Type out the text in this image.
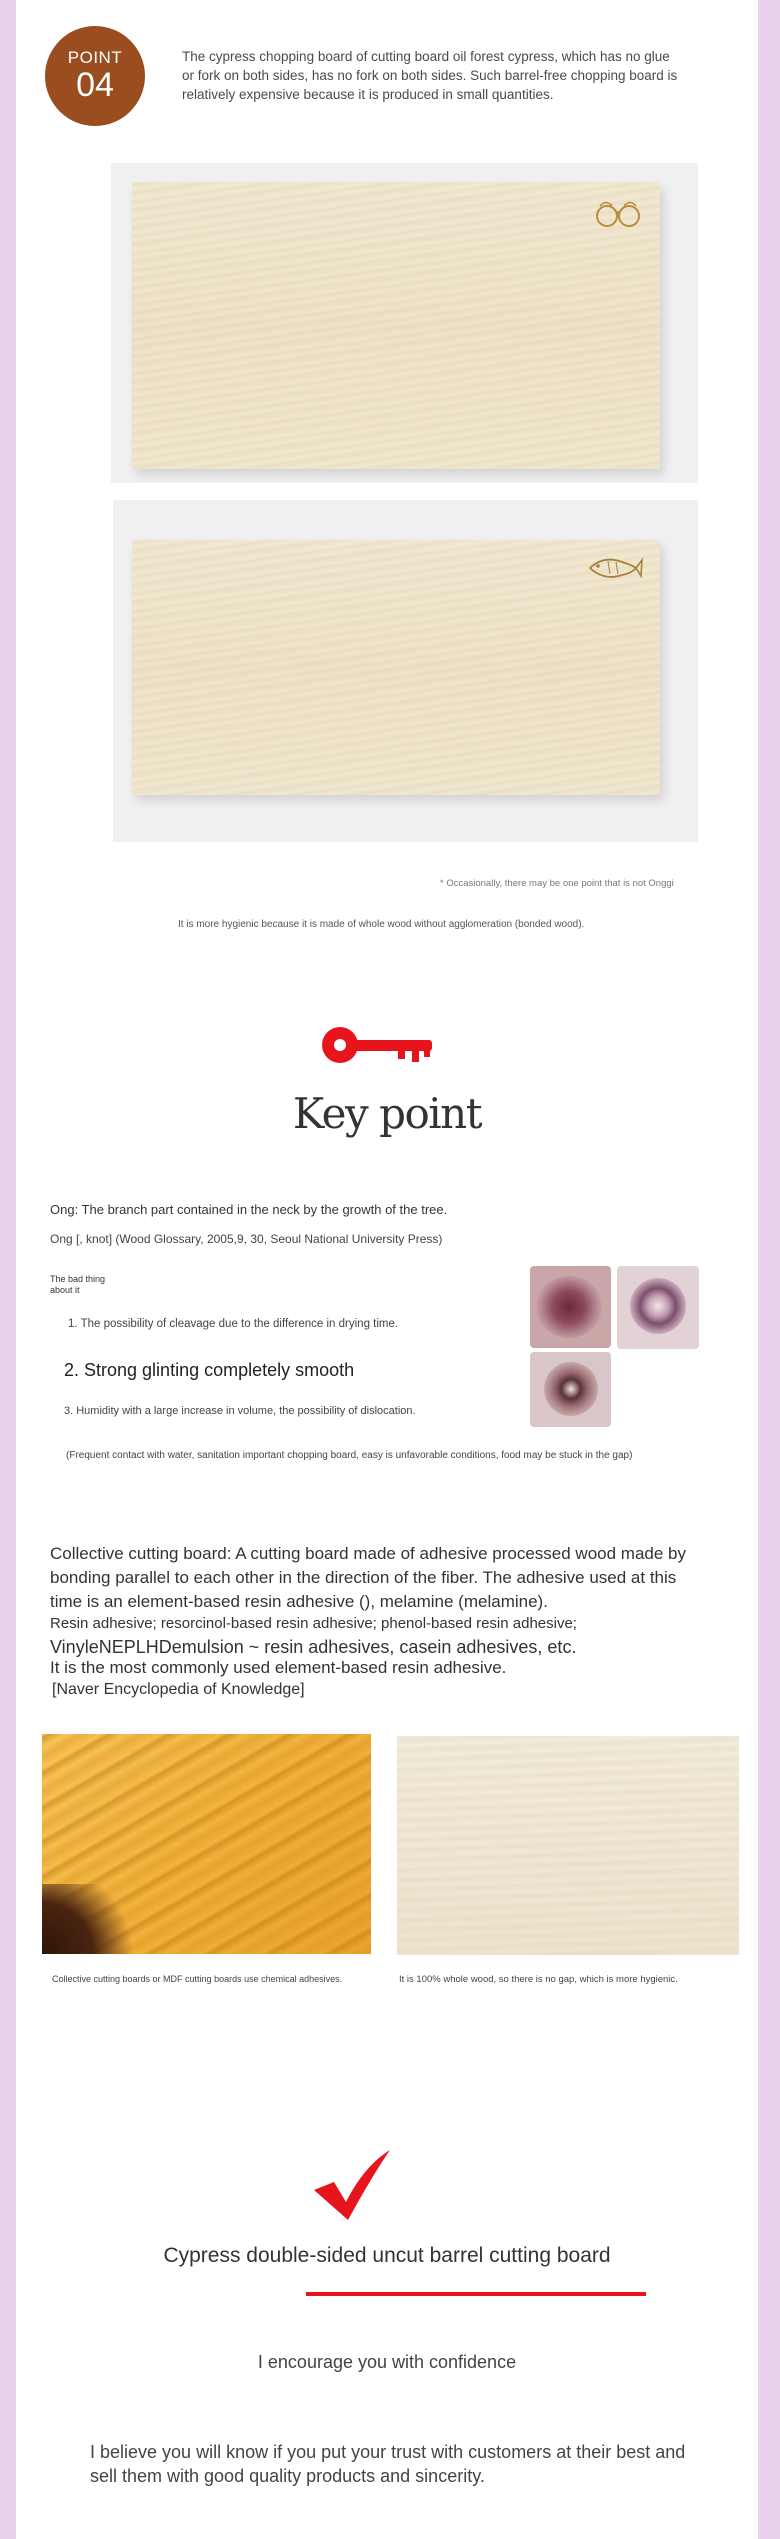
POINT
04
The cypress chopping board of cutting board oil forest cypress, which has no glue or fork on both sides, has no fork on both sides. Such barrel-free chopping board is relatively expensive because it is produced in small quantities.
* Occasionally, there may be one point that is not Onggi
It is more hygienic because it is made of whole wood without agglomeration (bonded wood).
Key point
Ong: The branch part contained in the neck by the growth of the tree.
Ong [, knot] (Wood Glossary, 2005,9, 30, Seoul National University Press)
The bad thing about it
1. The possibility of cleavage due to the difference in drying time.
2. Strong glinting completely smooth
3. Humidity with a large increase in volume, the possibility of dislocation.
(Frequent contact with water, sanitation important chopping board, easy is unfavorable conditions, food may be stuck in the gap)
Collective cutting board: A cutting board made of adhesive processed wood made by bonding parallel to each other in the direction of the fiber. The adhesive used at this time is an element-based resin adhesive (), melamine (melamine).
Resin adhesive; resorcinol-based resin adhesive; phenol-based resin adhesive;
VinyleNEPLHDemulsion ~ resin adhesives, casein adhesives, etc.
It is the most commonly used element-based resin adhesive.
[Naver Encyclopedia of Knowledge]
Collective cutting boards or MDF cutting boards use chemical adhesives.	It is 100% whole wood, so there is no gap, which is more hygienic.
Cypress double-sided uncut barrel cutting board
I encourage you with confidence
I believe you will know if you put your trust with customers at their best and sell them with good quality products and sincerity.
